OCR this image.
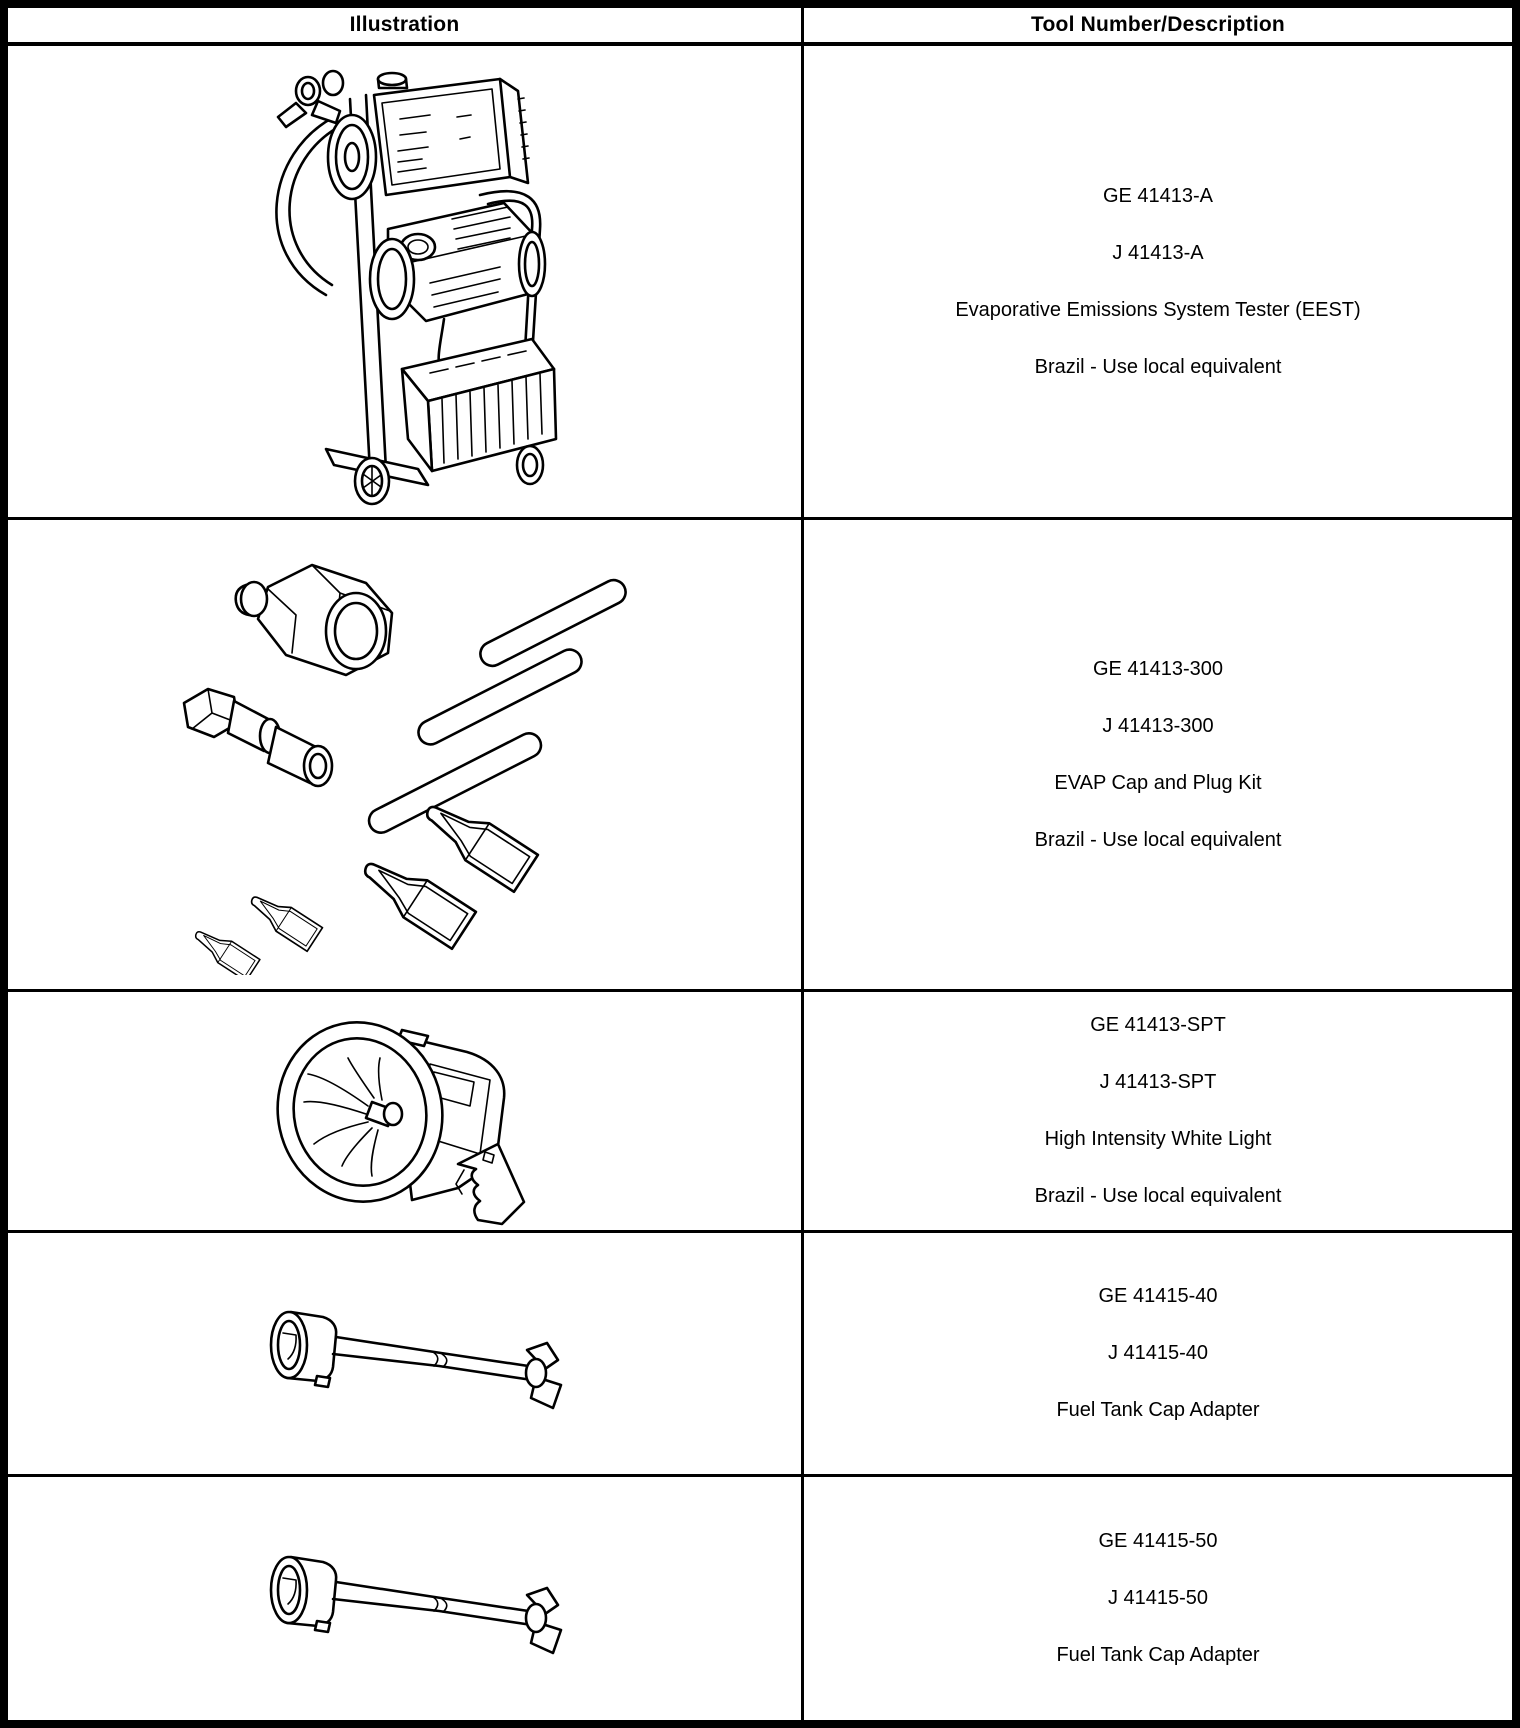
Illustration	Tool Number/Description
GE 41413-A
J 41413-A
Evaporative Emissions System Tester (EEST)
Brazil - Use local equivalent
GE 41413-300
J 41413-300
EVAP Cap and Plug Kit
Brazil - Use local equivalent
GE 41413-SPT
J 41413-SPT
High Intensity White Light
Brazil - Use local equivalent
GE 41415-40
J 41415-40
Fuel Tank Cap Adapter
GE 41415-50
J 41415-50
Fuel Tank Cap Adapter
